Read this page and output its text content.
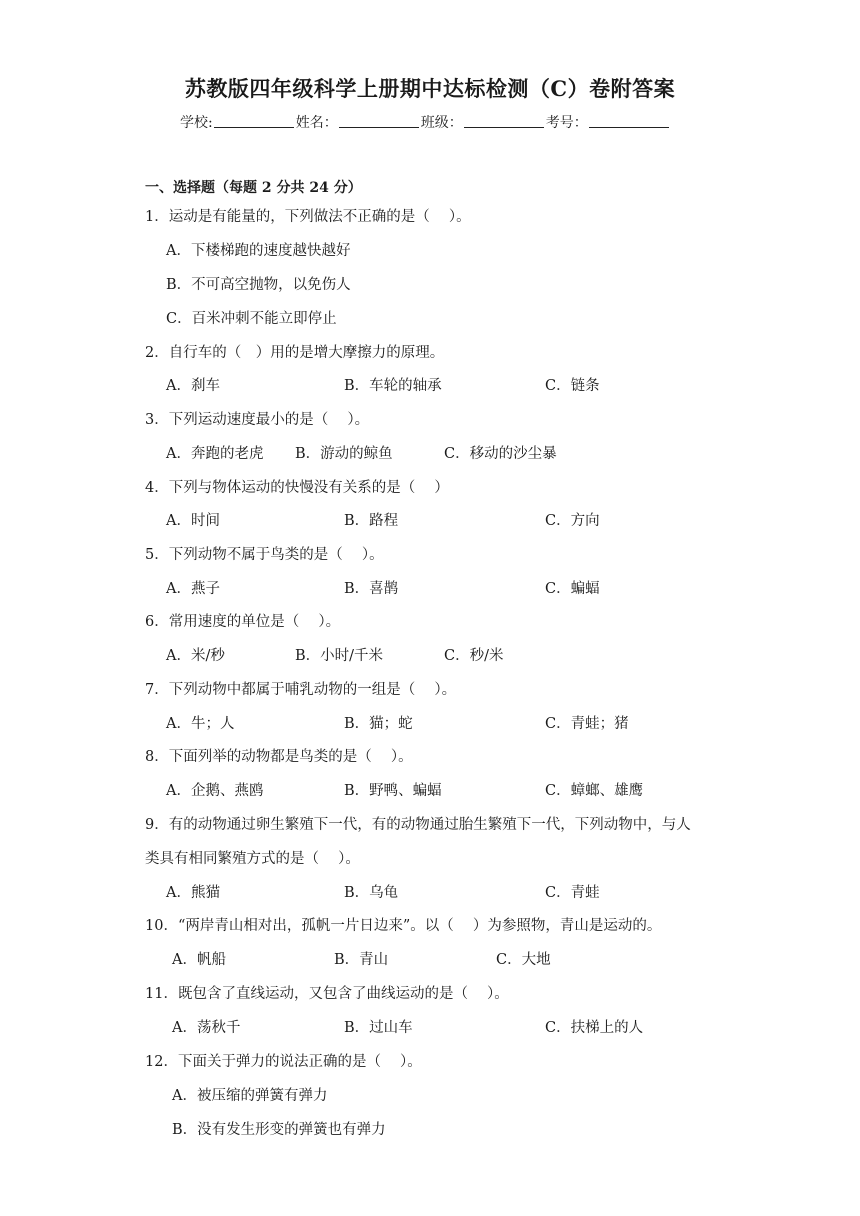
苏教版四年级科学上册期中达标检测（C）卷附答案
学校:	姓名：	班级：	考号：
一、选择题（每题 2 分共 24 分）
1．运动是有能量的，下列做法不正确的是（　 ）。
A．下楼梯跑的速度越快越好
B．不可高空抛物，以免伤人
C．百米冲刺不能立即停止
2．自行车的（　）用的是增大摩擦力的原理。
A．刹车	B．车轮的轴承	C．链条
3．下列运动速度最小的是（　 ）。
A．奔跑的老虎 B．游动的鲸鱼	C．移动的沙尘暴
4．下列与物体运动的快慢没有关系的是（　 ）
A．时间	B．路程	C．方向
5．下列动物不属于鸟类的是（　 ）。
A．燕子	B．喜鹊	C．蝙蝠
6．常用速度的单位是（　 ）。
A．米/秒	B．小时/千米	C．秒/米
7．下列动物中都属于哺乳动物的一组是（　 ）。
A．牛；人	B．猫；蛇	C．青蛙；猪
8．下面列举的动物都是鸟类的是（　 ）。
A．企鹅、燕鸥	B．野鸭、蝙蝠	C．蟑螂、雄鹰
9．有的动物通过卵生繁殖下一代，有的动物通过胎生繁殖下一代，下列动物中，与人
类具有相同繁殖方式的是（　 ）。
A．熊猫	B．乌龟	C．青蛙
10．“两岸青山相对出，孤帆一片日边来”。以（　 ）为参照物，青山是运动的。
A．帆船	B．青山	C．大地
11．既包含了直线运动，又包含了曲线运动的是（　 ）。
A．荡秋千	B．过山车	C．扶梯上的人
12．下面关于弹力的说法正确的是（　 ）。
A．被压缩的弹簧有弹力
B．没有发生形变的弹簧也有弹力
